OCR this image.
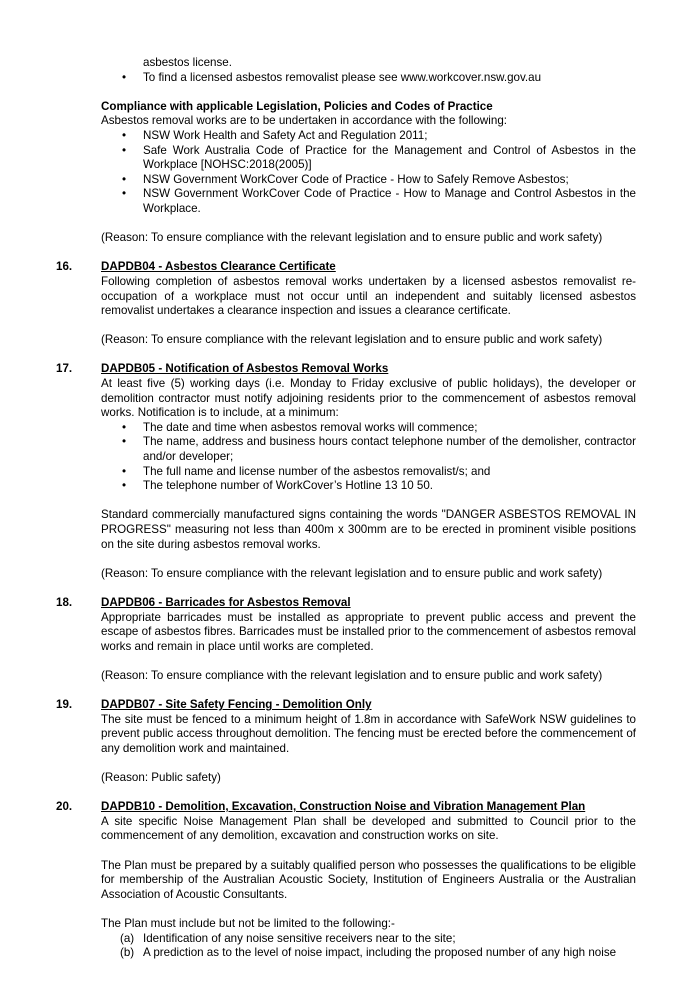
asbestos license.

• To find a licensed asbestos removalist please see www.workcover.nsw.gov.au

Compliance with applicable Legislation, Policies and Codes of Practice

Asbestos removal works are to be undertaken in accordance with the following:

• NSW Work Health and Safety Act and Regulation 2011;
• Safe Work Australia Code of Practice for the Management and Control of Asbestos in the Workplace [NOHSC:2018(2005)]
• NSW Government WorkCover Code of Practice - How to Safely Remove Asbestos;
• NSW Government WorkCover Code of Practice - How to Manage and Control Asbestos in the Workplace.

(Reason: To ensure compliance with the relevant legislation and to ensure public and work safety)

16. DAPDB04 - Asbestos Clearance Certificate

Following completion of asbestos removal works undertaken by a licensed asbestos removalist re-occupation of a workplace must not occur until an independent and suitably licensed asbestos removalist undertakes a clearance inspection and issues a clearance certificate.

(Reason: To ensure compliance with the relevant legislation and to ensure public and work safety)

17. DAPDB05 - Notification of Asbestos Removal Works

At least five (5) working days (i.e. Monday to Friday exclusive of public holidays), the developer or demolition contractor must notify adjoining residents prior to the commencement of asbestos removal works. Notification is to include, at a minimum:

• The date and time when asbestos removal works will commence;
• The name, address and business hours contact telephone number of the demolisher, contractor and/or developer;
• The full name and license number of the asbestos removalist/s; and
• The telephone number of WorkCover’s Hotline 13 10 50.

Standard commercially manufactured signs containing the words "DANGER ASBESTOS REMOVAL IN PROGRESS" measuring not less than 400m x 300mm are to be erected in prominent visible positions on the site during asbestos removal works.

(Reason: To ensure compliance with the relevant legislation and to ensure public and work safety)

18. DAPDB06 - Barricades for Asbestos Removal

Appropriate barricades must be installed as appropriate to prevent public access and prevent the escape of asbestos fibres. Barricades must be installed prior to the commencement of asbestos removal works and remain in place until works are completed.

(Reason: To ensure compliance with the relevant legislation and to ensure public and work safety)

19. DAPDB07 - Site Safety Fencing - Demolition Only

The site must be fenced to a minimum height of 1.8m in accordance with SafeWork NSW guidelines to prevent public access throughout demolition. The fencing must be erected before the commencement of any demolition work and maintained.

(Reason: Public safety)

20. DAPDB10 - Demolition, Excavation, Construction Noise and Vibration Management Plan

A site specific Noise Management Plan shall be developed and submitted to Council prior to the commencement of any demolition, excavation and construction works on site.

The Plan must be prepared by a suitably qualified person who possesses the qualifications to be eligible for membership of the Australian Acoustic Society, Institution of Engineers Australia or the Australian Association of Acoustic Consultants.

The Plan must include but not be limited to the following:-

(a) Identification of any noise sensitive receivers near to the site;
(b) A prediction as to the level of noise impact, including the proposed number of any high noise
